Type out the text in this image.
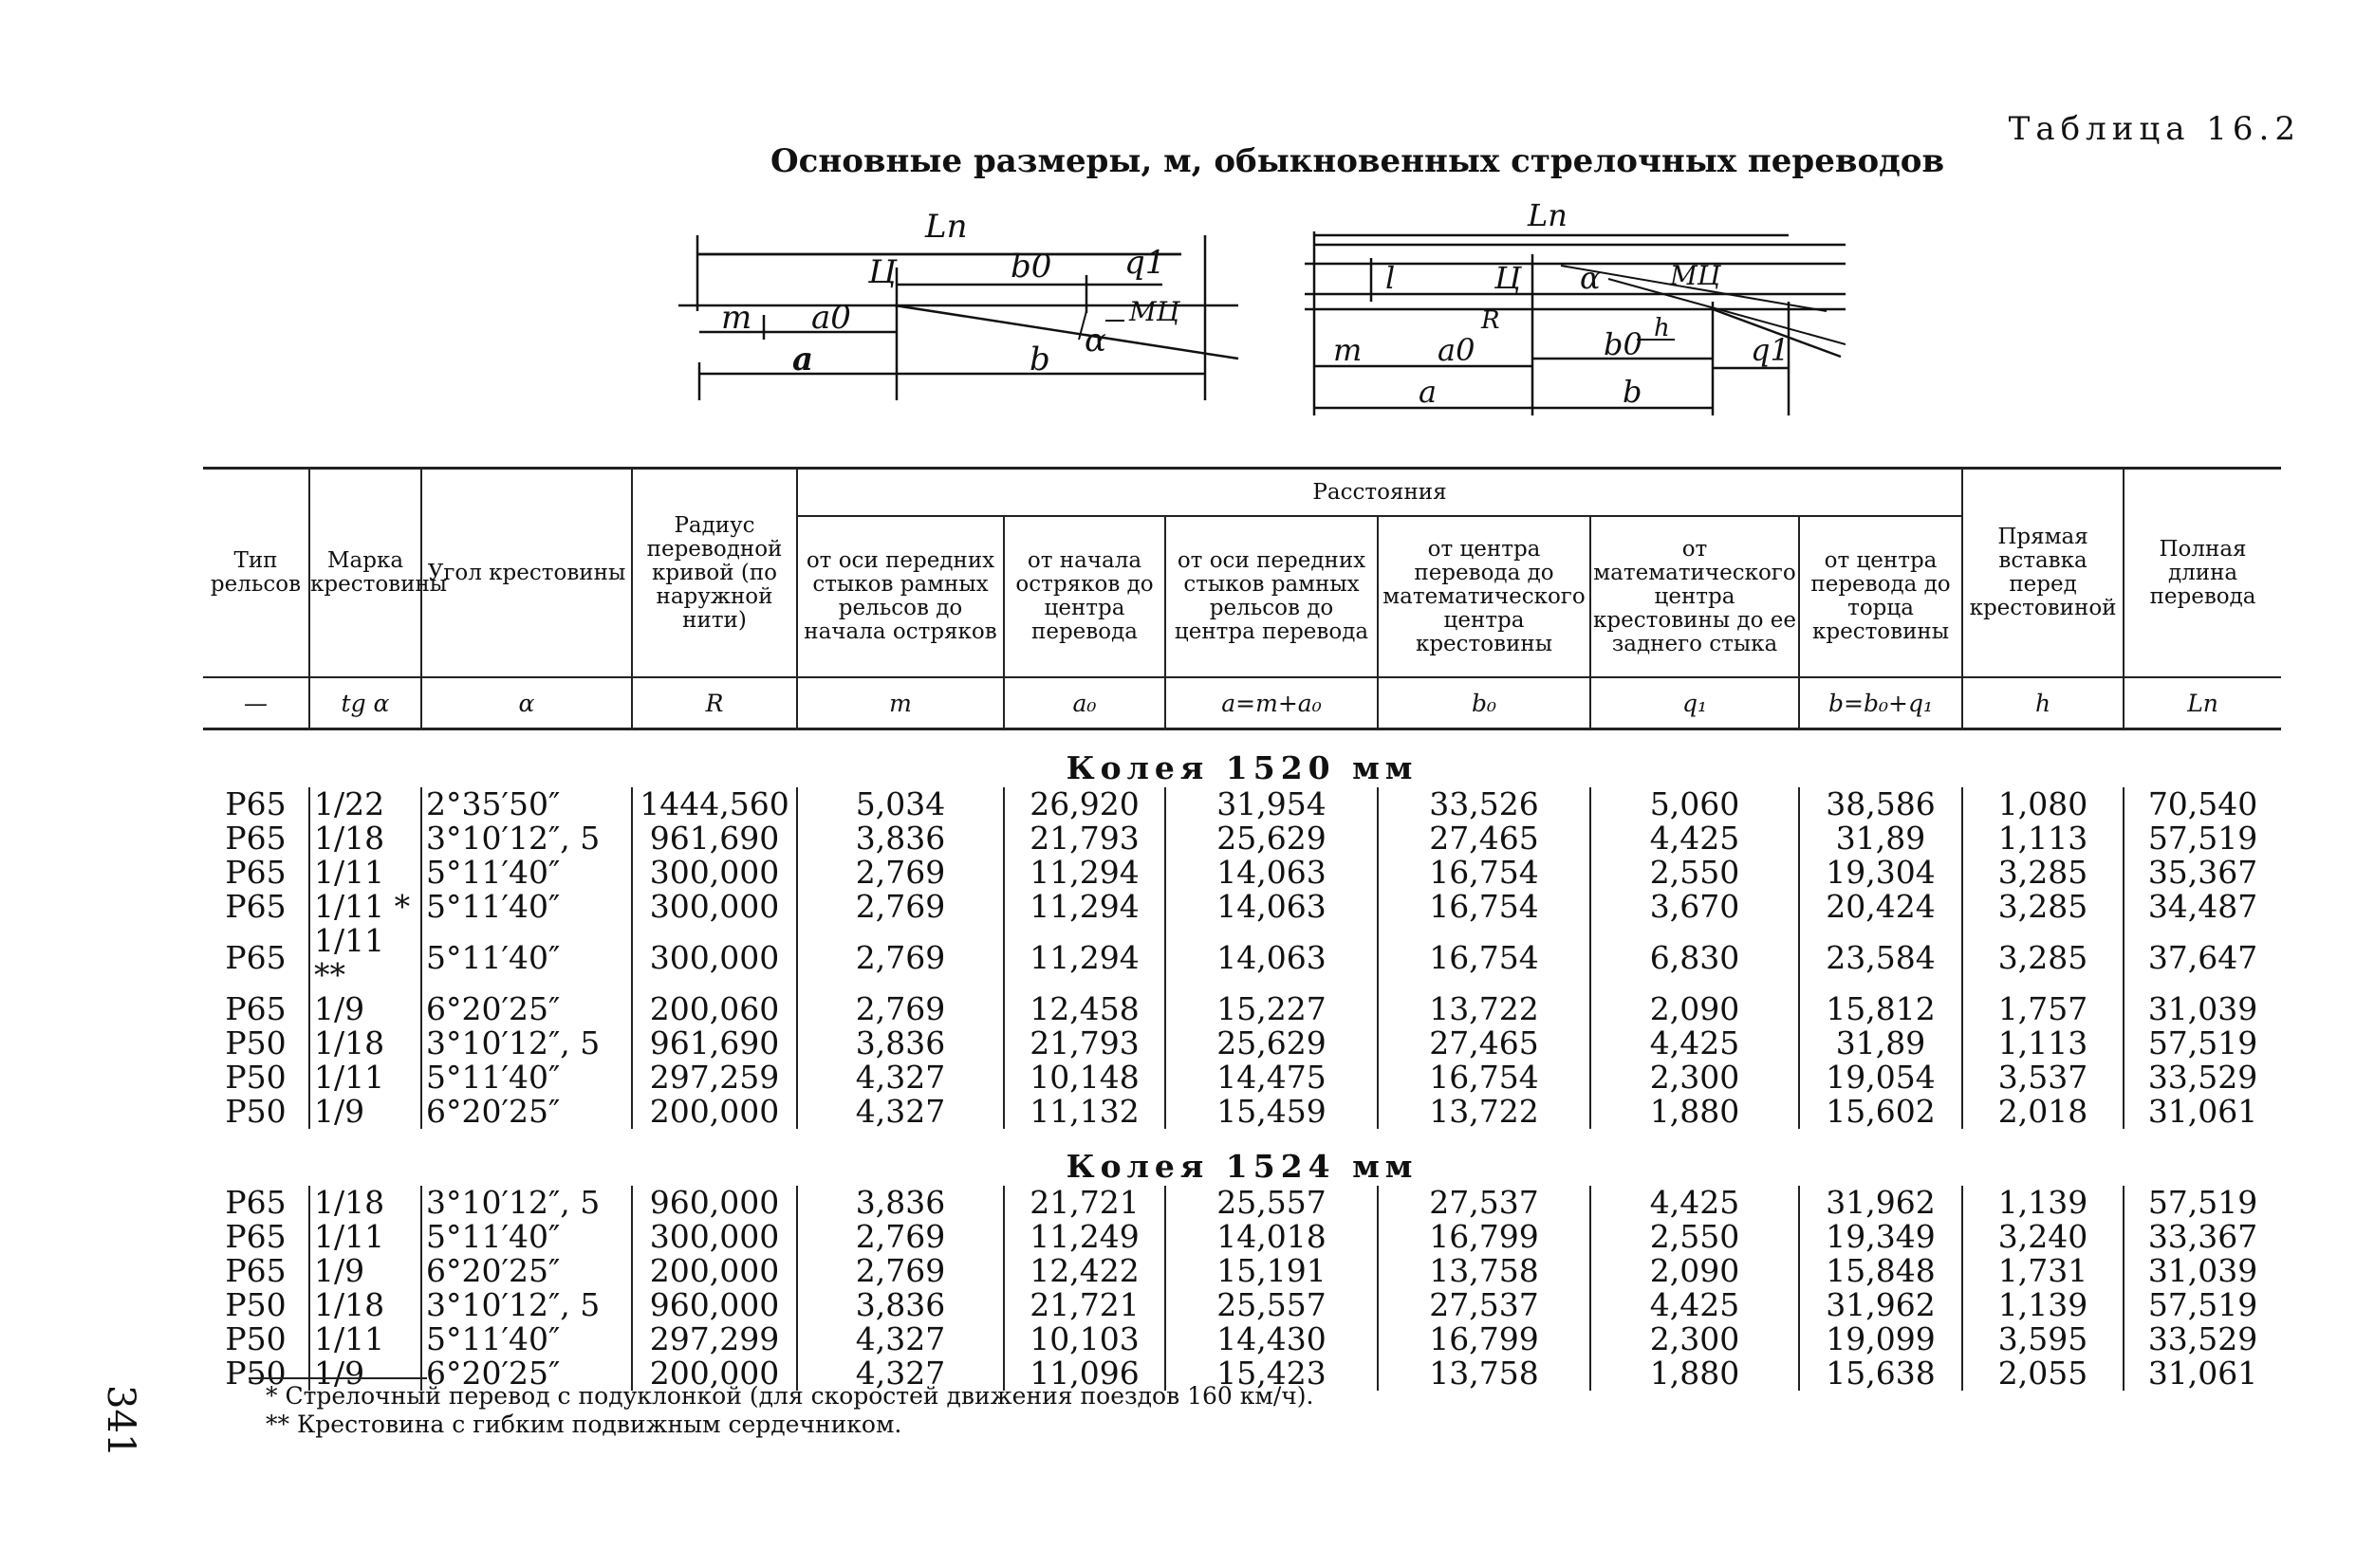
Таблица 16.2
Основные размеры, м, обыкновенных стрелочных переводов
Lп
Ц	b0 q1
m a0	МЦ
a	b α
Lп
l	Ц α	МЦ
R
m a0	b0 h
q1
a	b
Тип рельсов	Марка крестовины	Угол крестовины	Радиус переводной кривой (по наружной нити)	Расстояния						Прямая вставка перед крестовиной	Полная длина перевода
				от оси передних стыков рамных рельсов до начала остряков	от начала остряков до центра перевода	от оси передних стыков рамных рельсов до центра перевода	от центра перевода до математического центра крестовины	от математического центра крестовины до ее заднего стыка	от центра перевода до торца крестовины		
—	tg α	α	R	m	a₀	a=m+a₀	b₀	q₁	b=b₀+q₁	h	Lп
Колея 1520 мм											
Р65	1/22	2°35′50″	1444,560	5,034	26,920	31,954	33,526	5,060	38,586	1,080	70,540
Р65	1/18	3°10′12″, 5	961,690	3,836	21,793	25,629	27,465	4,425	31,89	1,113	57,519
Р65	1/11	5°11′40″	300,000	2,769	11,294	14,063	16,754	2,550	19,304	3,285	35,367
Р65	1/11 *	5°11′40″	300,000	2,769	11,294	14,063	16,754	3,670	20,424	3,285	34,487
Р65	1/11 **	5°11′40″	300,000	2,769	11,294	14,063	16,754	6,830	23,584	3,285	37,647
Р65	1/9	6°20′25″	200,060	2,769	12,458	15,227	13,722	2,090	15,812	1,757	31,039
Р50	1/18	3°10′12″, 5	961,690	3,836	21,793	25,629	27,465	4,425	31,89	1,113	57,519
Р50	1/11	5°11′40″	297,259	4,327	10,148	14,475	16,754	2,300	19,054	3,537	33,529
Р50	1/9	6°20′25″	200,000	4,327	11,132	15,459	13,722	1,880	15,602	2,018	31,061
Колея 1524 мм											
Р65	1/18	3°10′12″, 5	960,000	3,836	21,721	25,557	27,537	4,425	31,962	1,139	57,519
Р65	1/11	5°11′40″	300,000	2,769	11,249	14,018	16,799	2,550	19,349	3,240	33,367
Р65	1/9	6°20′25″	200,000	2,769	12,422	15,191	13,758	2,090	15,848	1,731	31,039
Р50	1/18	3°10′12″, 5	960,000	3,836	21,721	25,557	27,537	4,425	31,962	1,139	57,519
Р50	1/11	5°11′40″	297,299	4,327	10,103	14,430	16,799	2,300	19,099	3,595	33,529
Р50	1/9	6°20′25″	200,000	4,327	11,096	15,423	13,758	1,880	15,638	2,055	31,061
* Стрелочный перевод с подуклонкой (для скоростей движения поездов 160 км/ч).
** Крестовина с гибким подвижным сердечником.
341
